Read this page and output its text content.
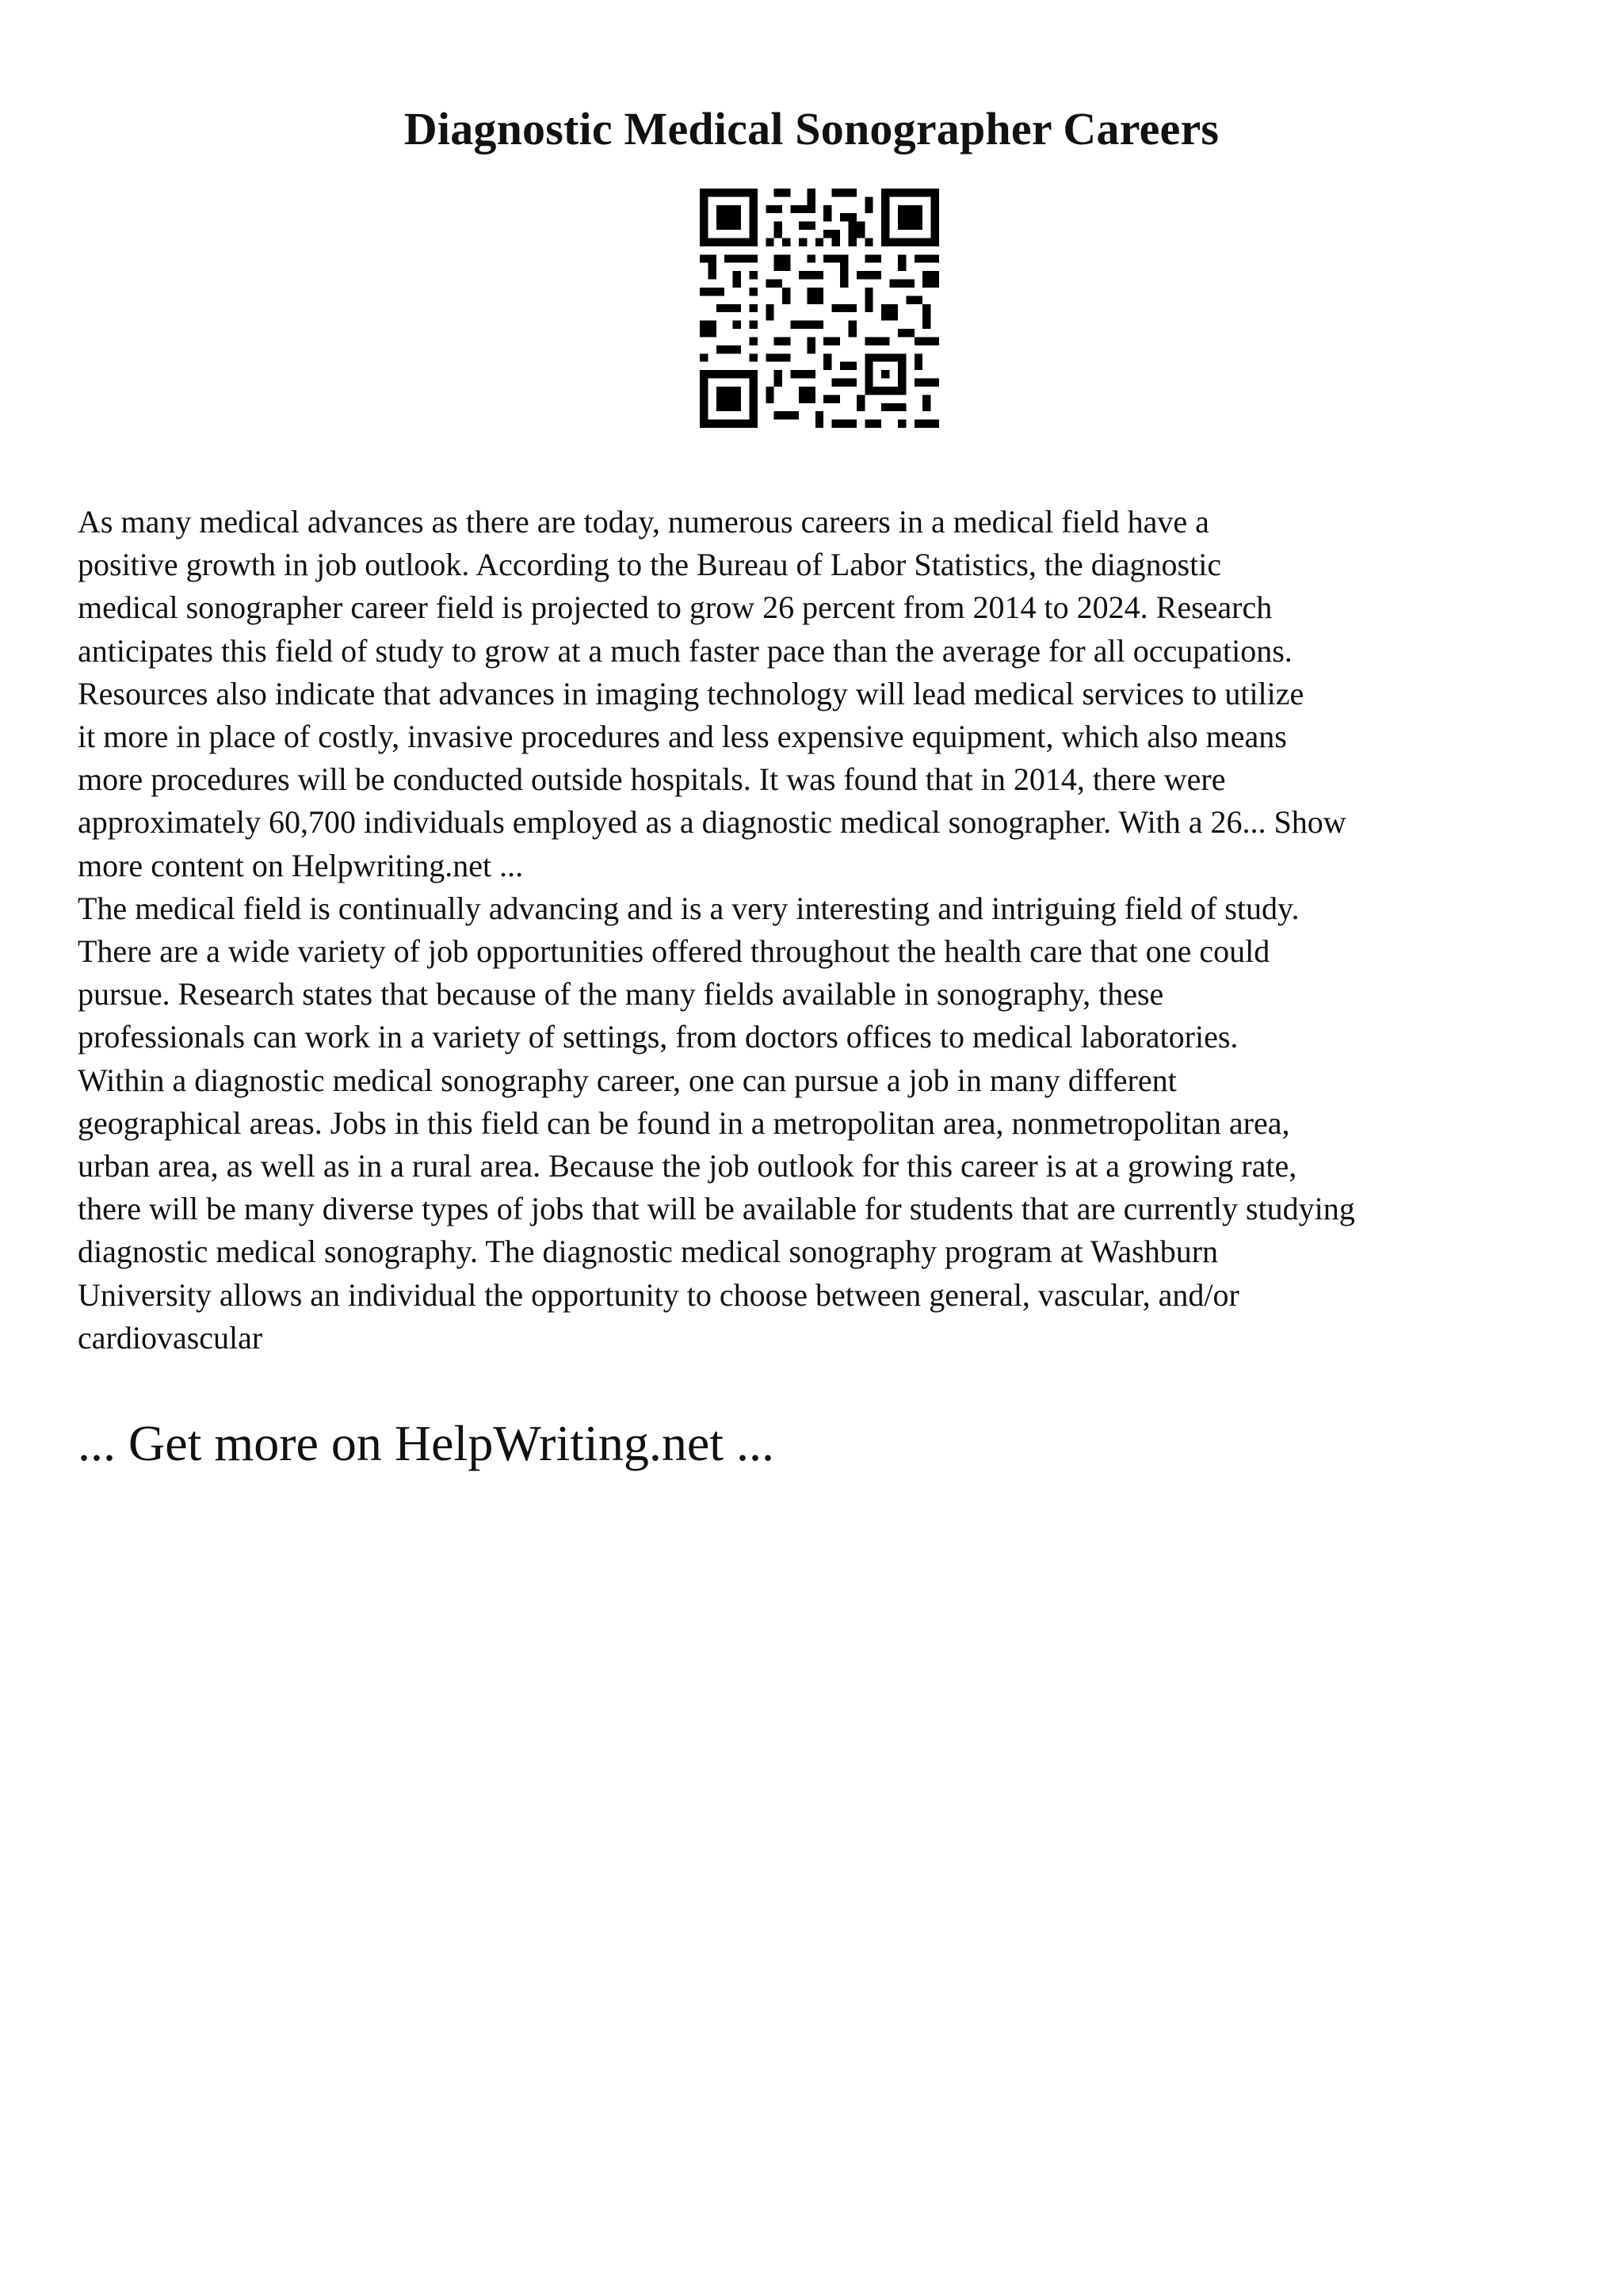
Diagnostic Medical Sonographer Careers
As many medical advances as there are today, numerous careers in a medical field have a
positive growth in job outlook. According to the Bureau of Labor Statistics, the diagnostic
medical sonographer career field is projected to grow 26 percent from 2014 to 2024. Research
anticipates this field of study to grow at a much faster pace than the average for all occupations.
Resources also indicate that advances in imaging technology will lead medical services to utilize
it more in place of costly, invasive procedures and less expensive equipment, which also means
more procedures will be conducted outside hospitals. It was found that in 2014, there were
approximately 60,700 individuals employed as a diagnostic medical sonographer. With a 26... Show
more content on Helpwriting.net ...
The medical field is continually advancing and is a very interesting and intriguing field of study.
There are a wide variety of job opportunities offered throughout the health care that one could
pursue. Research states that because of the many fields available in sonography, these
professionals can work in a variety of settings, from doctors offices to medical laboratories.
Within a diagnostic medical sonography career, one can pursue a job in many different
geographical areas. Jobs in this field can be found in a metropolitan area, nonmetropolitan area,
urban area, as well as in a rural area. Because the job outlook for this career is at a growing rate,
there will be many diverse types of jobs that will be available for students that are currently studying
diagnostic medical sonography. The diagnostic medical sonography program at Washburn
University allows an individual the opportunity to choose between general, vascular, and/or
cardiovascular
... Get more on HelpWriting.net ...
